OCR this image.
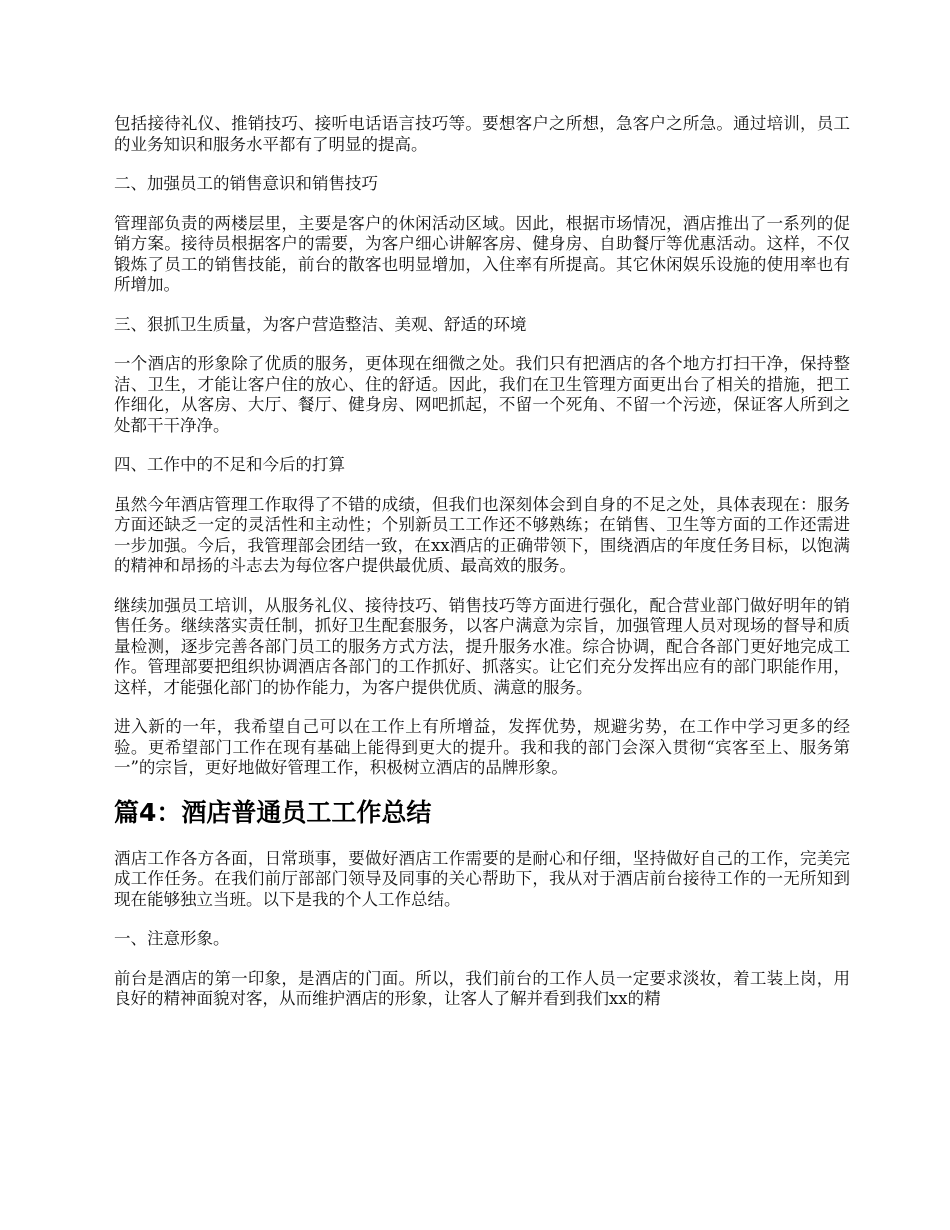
包括接待礼仪、推销技巧、接听电话语言技巧等。要想客户之所想，急客户之所急。通过培训，员工的业务知识和服务水平都有了明显的提高。

二、加强员工的销售意识和销售技巧

管理部负责的两楼层里，主要是客户的休闲活动区域。因此，根据市场情况，酒店推出了一系列的促销方案。接待员根据客户的需要，为客户细心讲解客房、健身房、自助餐厅等优惠活动。这样，不仅锻炼了员工的销售技能，前台的散客也明显增加，入住率有所提高。其它休闲娱乐设施的使用率也有所增加。

三、狠抓卫生质量，为客户营造整洁、美观、舒适的环境

一个酒店的形象除了优质的服务，更体现在细微之处。我们只有把酒店的各个地方打扫干净，保持整洁、卫生，才能让客户住的放心、住的舒适。因此，我们在卫生管理方面更出台了相关的措施，把工作细化，从客房、大厅、餐厅、健身房、网吧抓起，不留一个死角、不留一个污迹，保证客人所到之处都干干净净。

四、工作中的不足和今后的打算

虽然今年酒店管理工作取得了不错的成绩，但我们也深刻体会到自身的不足之处，具体表现在：服务方面还缺乏一定的灵活性和主动性；个别新员工工作还不够熟练；在销售、卫生等方面的工作还需进一步加强。今后，我管理部会团结一致，在xx酒店的正确带领下，围绕酒店的年度任务目标，以饱满的精神和昂扬的斗志去为每位客户提供最优质、最高效的服务。

继续加强员工培训，从服务礼仪、接待技巧、销售技巧等方面进行强化，配合营业部门做好明年的销售任务。继续落实责任制，抓好卫生配套服务，以客户满意为宗旨，加强管理人员对现场的督导和质量检测，逐步完善各部门员工的服务方式方法，提升服务水准。综合协调，配合各部门更好地完成工作。管理部要把组织协调酒店各部门的工作抓好、抓落实。让它们充分发挥出应有的部门职能作用，这样，才能强化部门的协作能力，为客户提供优质、满意的服务。

进入新的一年，我希望自己可以在工作上有所增益，发挥优势，规避劣势，在工作中学习更多的经验。更希望部门工作在现有基础上能得到更大的提升。我和我的部门会深入贯彻“宾客至上、服务第一”的宗旨，更好地做好管理工作，积极树立酒店的品牌形象。

篇4：酒店普通员工工作总结

酒店工作各方各面，日常琐事，要做好酒店工作需要的是耐心和仔细，坚持做好自己的工作，完美完成工作任务。在我们前厅部部门领导及同事的关心帮助下，我从对于酒店前台接待工作的一无所知到现在能够独立当班。以下是我的个人工作总结。

一、注意形象。

前台是酒店的第一印象，是酒店的门面。所以，我们前台的工作人员一定要求淡妆，着工装上岗，用良好的精神面貌对客，从而维护酒店的形象，让客人了解并看到我们xx的精
